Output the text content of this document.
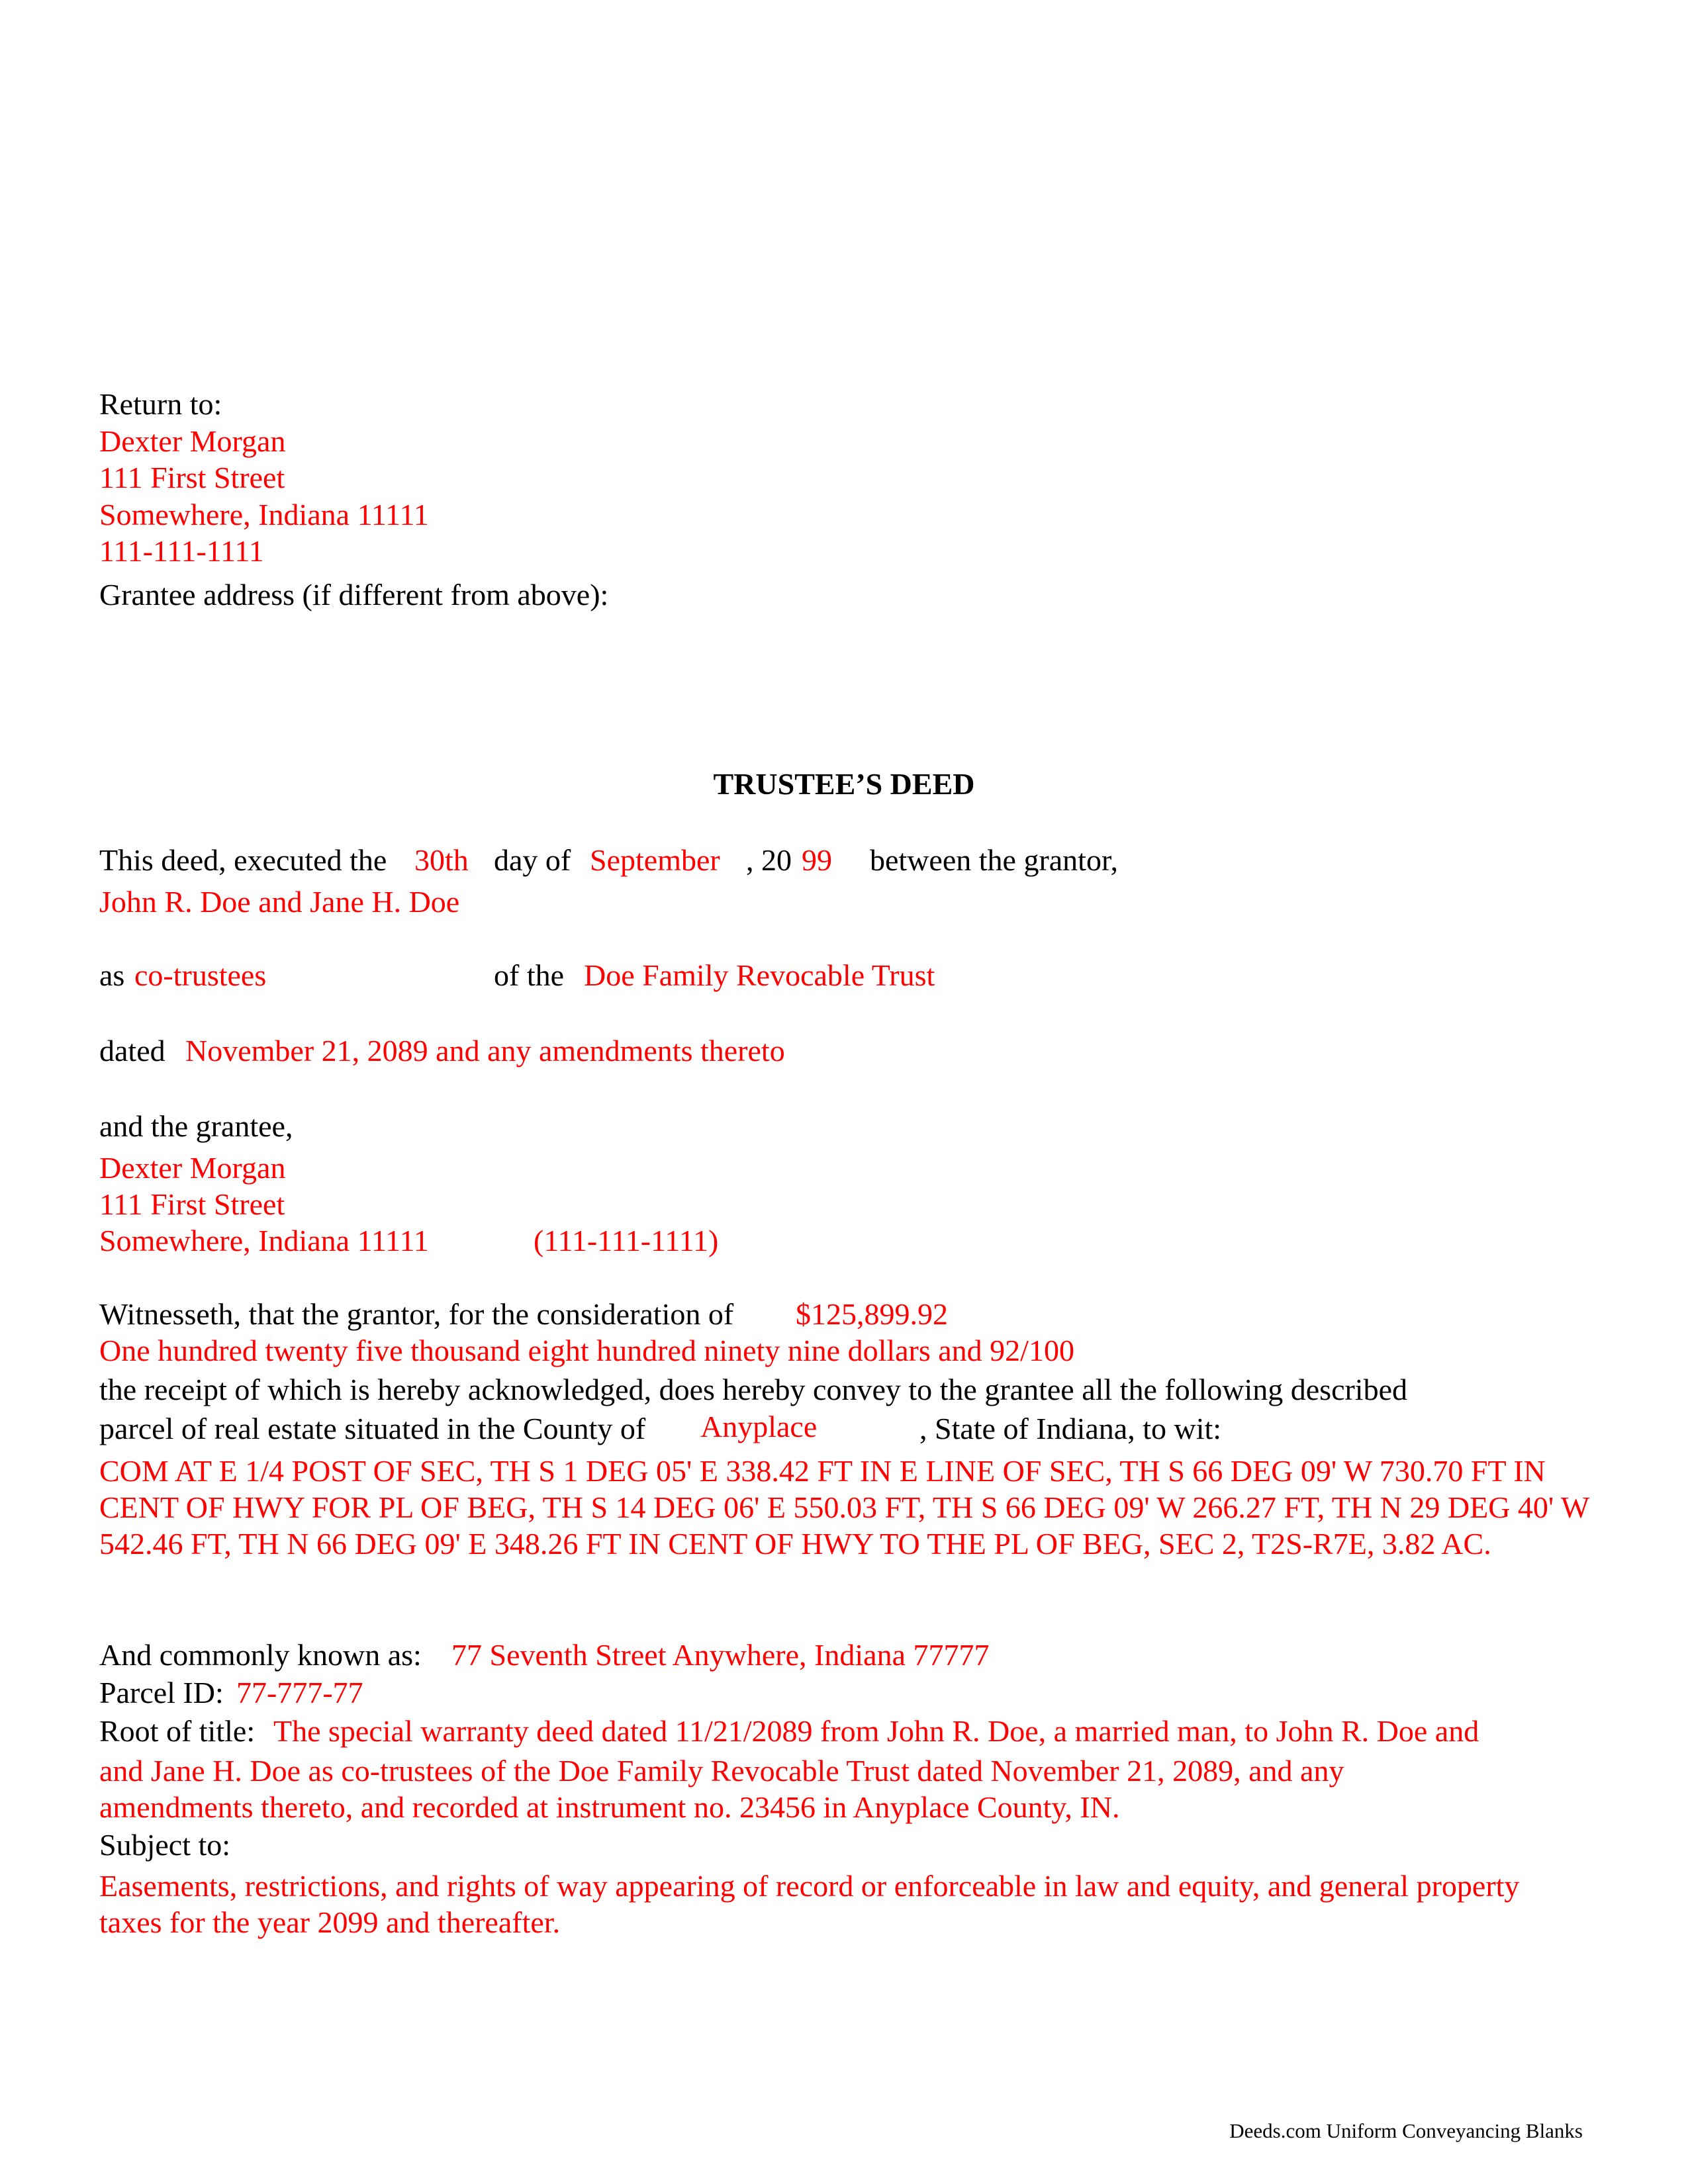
Return to:
Dexter Morgan
111 First Street
Somewhere, Indiana 11111
111-111-1111
Grantee address (if different from above):
TRUSTEE’S DEED
This deed, executed the 30th day of September , 20 99 between the grantor,
John R. Doe and Jane H. Doe
as co-trustees	of the Doe Family Revocable Trust
dated November 21, 2089 and any amendments thereto
and the grantee,
Dexter Morgan
111 First Street
Somewhere, Indiana 11111	(111-111-1111)
Witnesseth, that the grantor, for the consideration of $125,899.92
One hundred twenty five thousand eight hundred ninety nine dollars and 92/100
the receipt of which is hereby acknowledged, does hereby convey to the grantee all the following described
parcel of real estate situated in the County of Anyplace	, State of Indiana, to wit:
COM AT E 1/4 POST OF SEC, TH S 1 DEG 05' E 338.42 FT IN E LINE OF SEC, TH S 66 DEG 09' W 730.70 FT IN CENT OF HWY FOR PL OF BEG, TH S 14 DEG 06' E 550.03 FT, TH S 66 DEG 09' W 266.27 FT, TH N 29 DEG 40' W 542.46 FT, TH N 66 DEG 09' E 348.26 FT IN CENT OF HWY TO THE PL OF BEG, SEC 2, T2S-R7E, 3.82 AC.
And commonly known as: 77 Seventh Street Anywhere, Indiana 77777
Parcel ID: 77-777-77
Root of title: The special warranty deed dated 11/21/2089 from John R. Doe, a married man, to John R. Doe and
and Jane H. Doe as co-trustees of the Doe Family Revocable Trust dated November 21, 2089, and any
amendments thereto, and recorded at instrument no. 23456 in Anyplace County, IN.
Subject to:
Easements, restrictions, and rights of way appearing of record or enforceable in law and equity, and general property taxes for the year 2099 and thereafter.
Deeds.com Uniform Conveyancing Blanks
